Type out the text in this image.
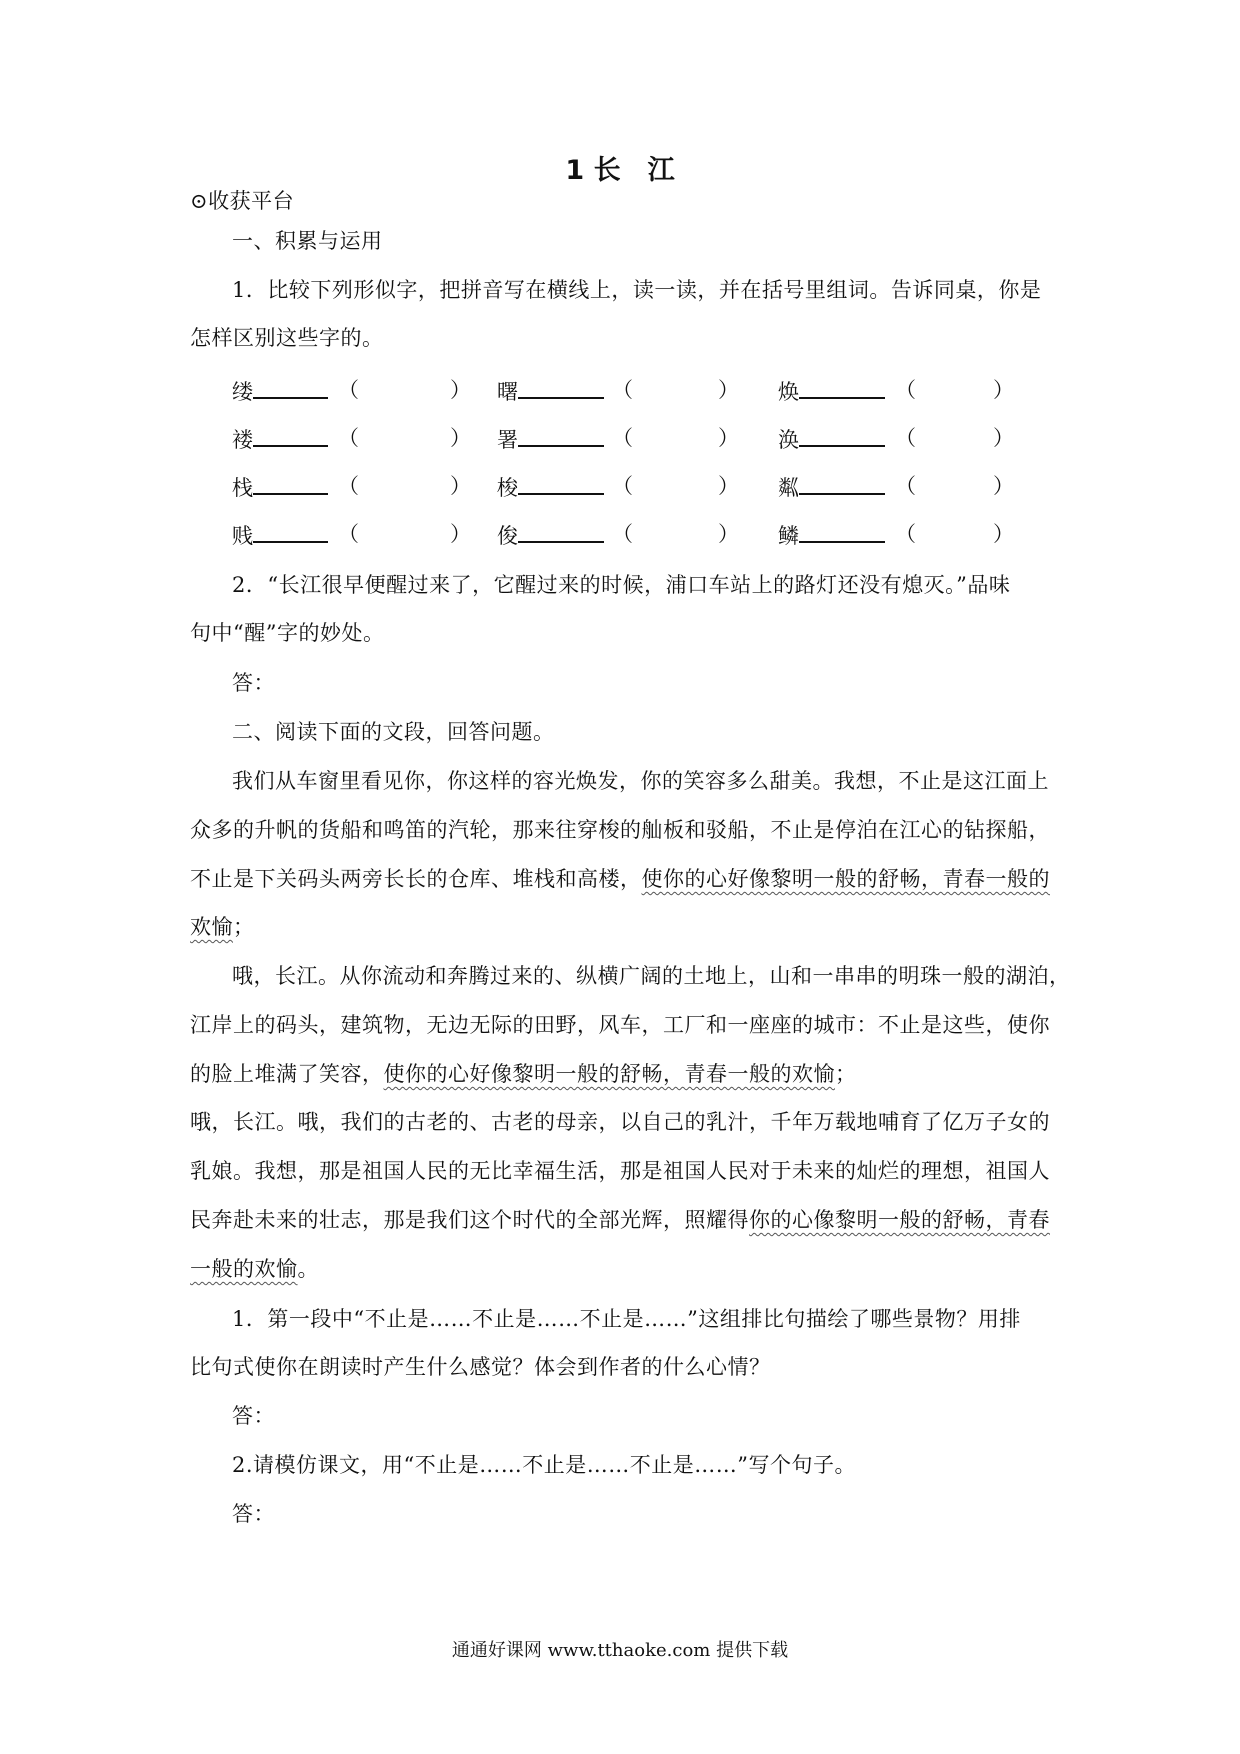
1 长　江
⊙收获平台
一、积累与运用
1．比较下列形似字，把拼音写在横线上，读一读，并在括号里组词。告诉同桌，你是
怎样区别这些字的。
缕	（	） 曙	（	） 焕	（	）
褛	（	） 署	（	） 涣	（	）
栈	（	） 梭	（	） 粼	（	）
贱	（	） 俊	（	） 鳞	（	）
2．“长江很早便醒过来了，它醒过来的时候，浦口车站上的路灯还没有熄灭。”品味
句中“醒”字的妙处。
答：
二、阅读下面的文段，回答问题。
我们从车窗里看见你，你这样的容光焕发，你的笑容多么甜美。我想，不止是这江面上
众多的升帆的货船和鸣笛的汽轮，那来往穿梭的舢板和驳船，不止是停泊在江心的钻探船，
不止是下关码头两旁长长的仓库、堆栈和高楼，使你的心好像黎明一般的舒畅，青春一般的
欢愉；
哦，长江。从你流动和奔腾过来的、纵横广阔的土地上，山和一串串的明珠一般的湖泊，
江岸上的码头，建筑物，无边无际的田野，风车，工厂和一座座的城市：不止是这些，使你
的脸上堆满了笑容，使你的心好像黎明一般的舒畅，青春一般的欢愉；
哦，长江。哦，我们的古老的、古老的母亲，以自己的乳汁，千年万载地哺育了亿万子女的
乳娘。我想，那是祖国人民的无比幸福生活，那是祖国人民对于未来的灿烂的理想，祖国人
民奔赴未来的壮志，那是我们这个时代的全部光辉，照耀得你的心像黎明一般的舒畅，青春
一般的欢愉。
1．第一段中“不止是……不止是……不止是……”这组排比句描绘了哪些景物？用排
比句式使你在朗读时产生什么感觉？体会到作者的什么心情？
答：
2.请模仿课文，用“不止是……不止是……不止是……”写个句子。
答：
通通好课网 www.tthaoke.com 提供下载
